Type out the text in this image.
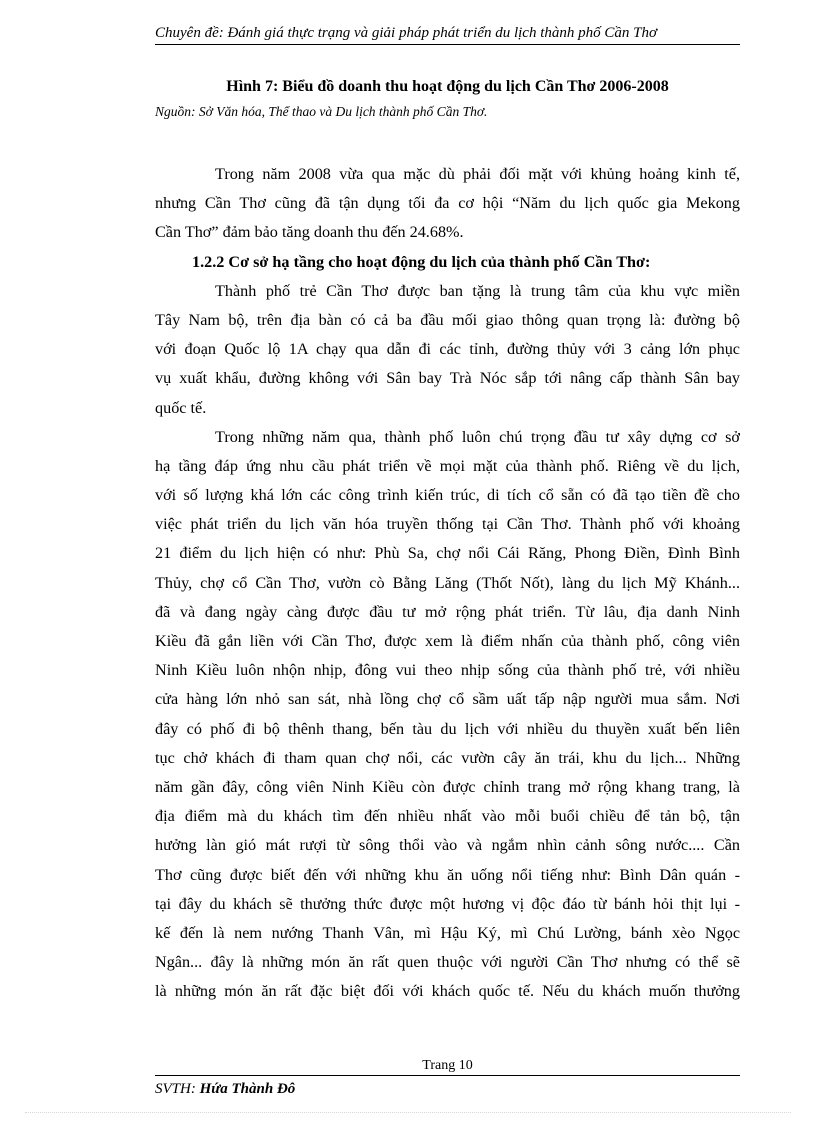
Chuyên đề: Đánh giá thực trạng và giải pháp phát triển du lịch thành phố Cần Thơ
Hình 7: Biểu đồ doanh thu hoạt động du lịch Cần Thơ 2006-2008
Nguồn: Sở Văn hóa, Thể thao và Du lịch thành phố Cần Thơ.
Trong năm 2008 vừa qua mặc dù phải đối mặt với khủng hoảng kinh tế,
nhưng Cần Thơ cũng đã tận dụng tối đa cơ hội “Năm du lịch quốc gia Mekong
Cần Thơ” đảm bảo tăng doanh thu đến 24.68%.
1.2.2 Cơ sở hạ tầng cho hoạt động du lịch của thành phố Cần Thơ:
Thành phố trẻ Cần Thơ được ban tặng là trung tâm của khu vực miền
Tây Nam bộ, trên địa bàn có cả ba đầu mối giao thông quan trọng là: đường bộ
với đoạn Quốc lộ 1A chạy qua dẫn đi các tỉnh, đường thủy với 3 cảng lớn phục
vụ xuất khẩu, đường không với Sân bay Trà Nóc sắp tới nâng cấp thành Sân bay
quốc tế.
Trong những năm qua, thành phố luôn chú trọng đầu tư xây dựng cơ sở
hạ tầng đáp ứng nhu cầu phát triển về mọi mặt của thành phố. Riêng về du lịch,
với số lượng khá lớn các công trình kiến trúc, di tích cổ sẵn có đã tạo tiền đề cho
việc phát triển du lịch văn hóa truyền thống tại Cần Thơ. Thành phố với khoảng
21 điểm du lịch hiện có như: Phù Sa, chợ nổi Cái Răng, Phong Điền, Đình Bình
Thủy, chợ cổ Cần Thơ, vườn cò Bằng Lăng (Thốt Nốt), làng du lịch Mỹ Khánh...
đã và đang ngày càng được đầu tư mở rộng phát triển. Từ lâu, địa danh Ninh
Kiều đã gắn liền với Cần Thơ, được xem là điểm nhấn của thành phố, công viên
Ninh Kiều luôn nhộn nhịp, đông vui theo nhịp sống của thành phố trẻ, với nhiều
cửa hàng lớn nhỏ san sát, nhà lồng chợ cổ sầm uất tấp nập người mua sắm. Nơi
đây có phố đi bộ thênh thang, bến tàu du lịch với nhiều du thuyền xuất bến liên
tục chở khách đi tham quan chợ nổi, các vườn cây ăn trái, khu du lịch... Những
năm gần đây, công viên Ninh Kiều còn được chỉnh trang mở rộng khang trang, là
địa điểm mà du khách tìm đến nhiều nhất vào mỗi buổi chiều để tản bộ, tận
hưởng làn gió mát rượi từ sông thổi vào và ngắm nhìn cảnh sông nước.... Cần
Thơ cũng được biết đến với những khu ăn uống nổi tiếng như: Bình Dân quán -
tại đây du khách sẽ thưởng thức được một hương vị độc đáo từ bánh hỏi thịt lụi -
kế đến là nem nướng Thanh Vân, mì Hậu Ký, mì Chú Lường, bánh xèo Ngọc
Ngân... đây là những món ăn rất quen thuộc với người Cần Thơ nhưng có thể sẽ
là những món ăn rất đặc biệt đối với khách quốc tế. Nếu du khách muốn thưởng
Trang 10
SVTH: Hứa Thành Đô
